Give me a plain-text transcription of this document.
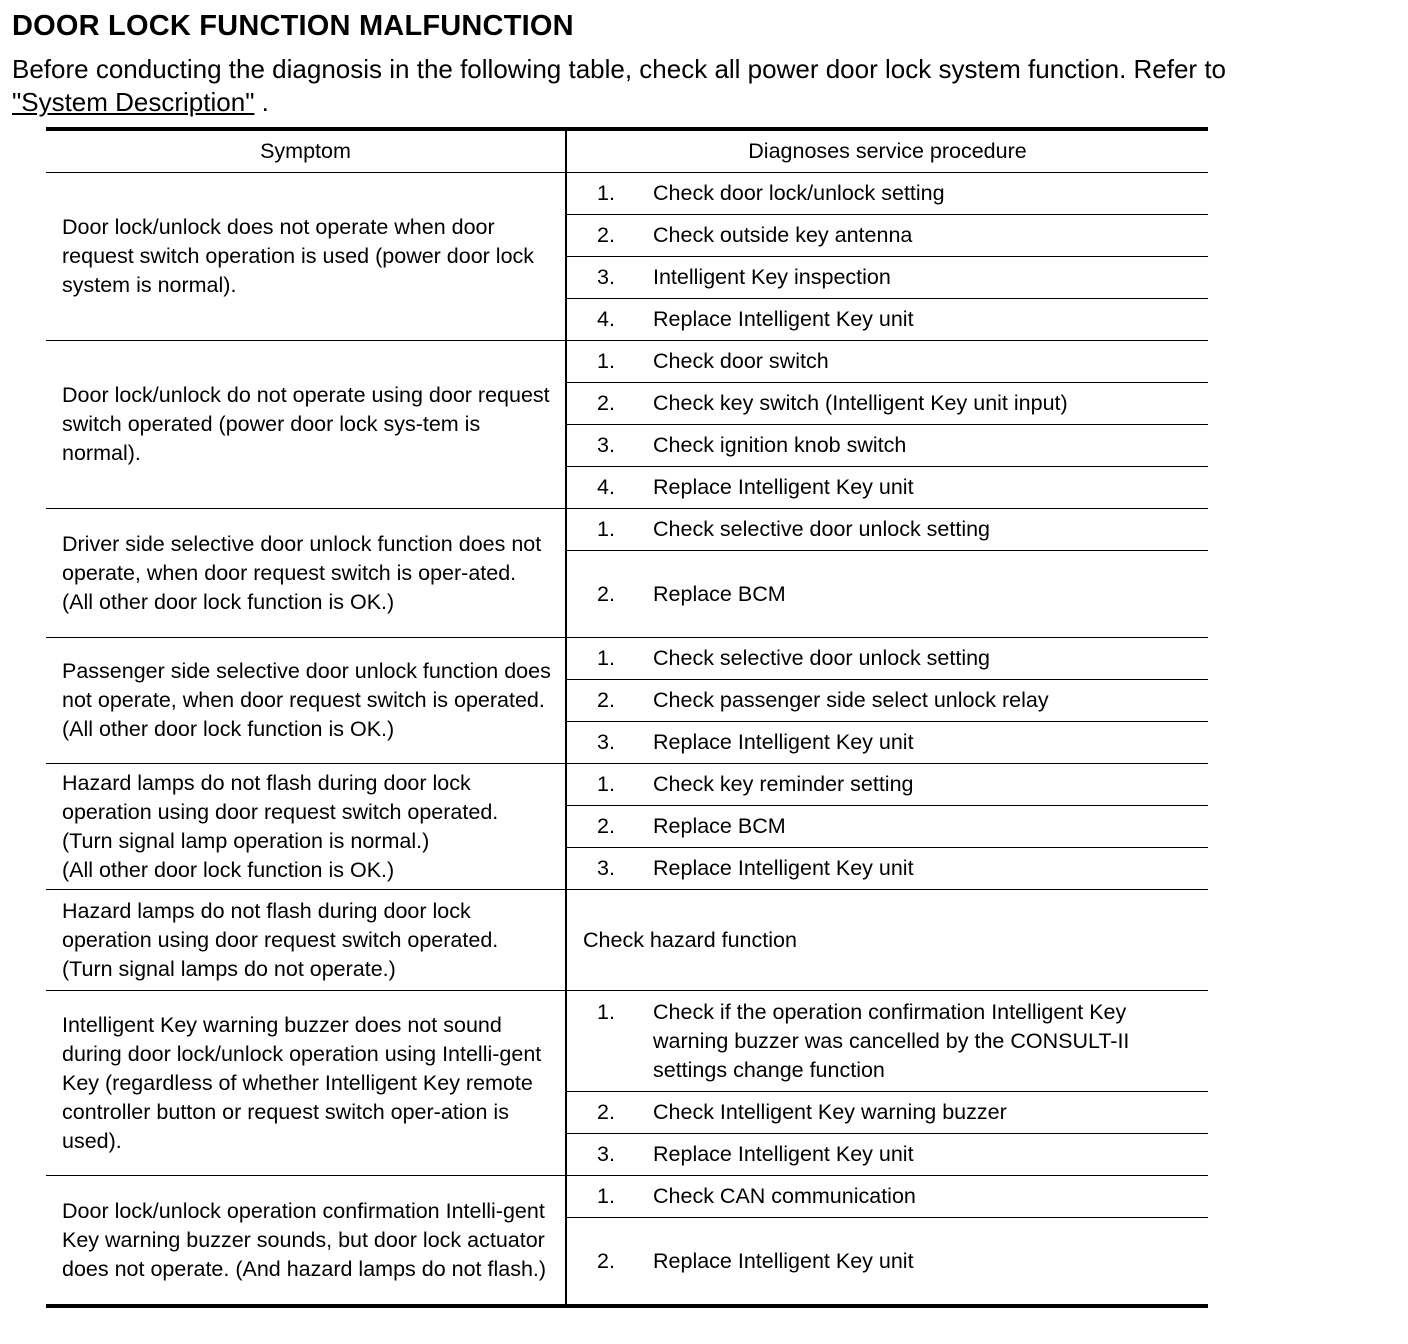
DOOR LOCK FUNCTION MALFUNCTION

Before conducting the diagnosis in the following table, check all power door lock system function. Refer to
"System Description" .

Symptom	Diagnoses service procedure
Door lock/unlock does not operate when door request switch operation is used (power door lock system is normal).	1. Check door lock/unlock setting
	2. Check outside key antenna
	3. Intelligent Key inspection
	4. Replace Intelligent Key unit
Door lock/unlock do not operate using door request switch operated (power door lock sys-tem is normal).	1. Check door switch
	2. Check key switch (Intelligent Key unit input)
	3. Check ignition knob switch
	4. Replace Intelligent Key unit
Driver side selective door unlock function does not operate, when door request switch is oper-ated.
(All other door lock function is OK.)	1. Check selective door unlock setting
	2. Replace BCM
Passenger side selective door unlock function does not operate, when door request switch is operated.
(All other door lock function is OK.)	1. Check selective door unlock setting
	2. Check passenger side select unlock relay
	3. Replace Intelligent Key unit
Hazard lamps do not flash during door lock operation using door request switch operated.
(Turn signal lamp operation is normal.)
(All other door lock function is OK.)	1. Check key reminder setting
	2. Replace BCM
	3. Replace Intelligent Key unit
Hazard lamps do not flash during door lock operation using door request switch operated.
(Turn signal lamps do not operate.)	Check hazard function
Intelligent Key warning buzzer does not sound during door lock/unlock operation using Intelli-gent Key (regardless of whether Intelligent Key remote controller button or request switch oper-ation is used).	1. Check if the operation confirmation Intelligent Key warning buzzer was cancelled by the CONSULT-II settings change function
	2. Check Intelligent Key warning buzzer
	3. Replace Intelligent Key unit
Door lock/unlock operation confirmation Intelli-gent Key warning buzzer sounds, but door lock actuator does not operate. (And hazard lamps do not flash.)	1. Check CAN communication
	2. Replace Intelligent Key unit
